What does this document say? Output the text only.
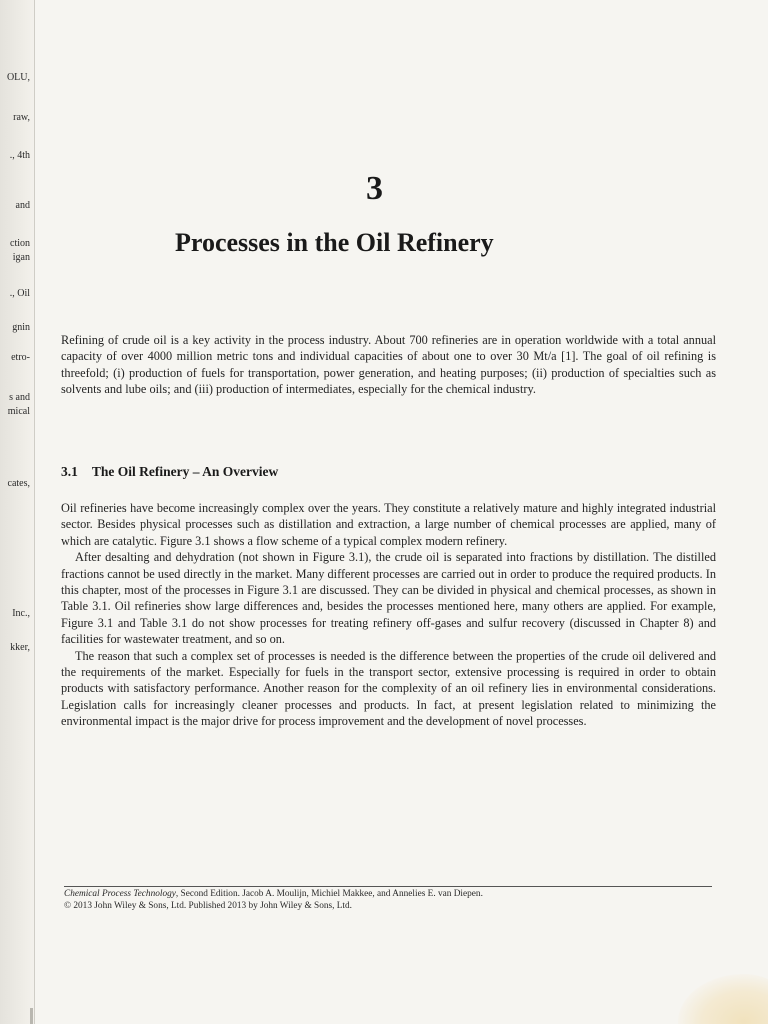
OLU,
raw,
., 4th
and
ction
igan
., Oil
gnin
etro-
s and
mical
cates,
Inc.,
kker,
3
Processes in the Oil Refinery
Refining of crude oil is a key activity in the process industry. About 700 refineries are in operation worldwide with a total annual capacity of over 4000 million metric tons and individual capacities of about one to over 30 Mt/a [1]. The goal of oil refining is threefold; (i) production of fuels for transportation, power generation, and heating purposes; (ii) production of specialties such as solvents and lube oils; and (iii) production of intermediates, especially for the chemical industry.
3.1 The Oil Refinery – An Overview

Oil refineries have become increasingly complex over the years. They constitute a relatively mature and highly integrated industrial sector. Besides physical processes such as distillation and extraction, a large number of chemical processes are applied, many of which are catalytic. Figure 3.1 shows a flow scheme of a typical complex modern refinery.

After desalting and dehydration (not shown in Figure 3.1), the crude oil is separated into fractions by distillation. The distilled fractions cannot be used directly in the market. Many different processes are carried out in order to produce the required products. In this chapter, most of the processes in Figure 3.1 are discussed. They can be divided in physical and chemical processes, as shown in Table 3.1. Oil refineries show large differences and, besides the processes mentioned here, many others are applied. For example, Figure 3.1 and Table 3.1 do not show processes for treating refinery off-gases and sulfur recovery (discussed in Chapter 8) and facilities for wastewater treatment, and so on.

The reason that such a complex set of processes is needed is the difference between the properties of the crude oil delivered and the requirements of the market. Especially for fuels in the transport sector, extensive processing is required in order to obtain products with satisfactory performance. Another reason for the complexity of an oil refinery lies in environmental considerations. Legislation calls for increasingly cleaner processes and products. In fact, at present legislation related to minimizing the environmental impact is the major drive for process improvement and the development of novel processes.

Chemical Process Technology, Second Edition. Jacob A. Moulijn, Michiel Makkee, and Annelies E. van Diepen.
© 2013 John Wiley & Sons, Ltd. Published 2013 by John Wiley & Sons, Ltd.
